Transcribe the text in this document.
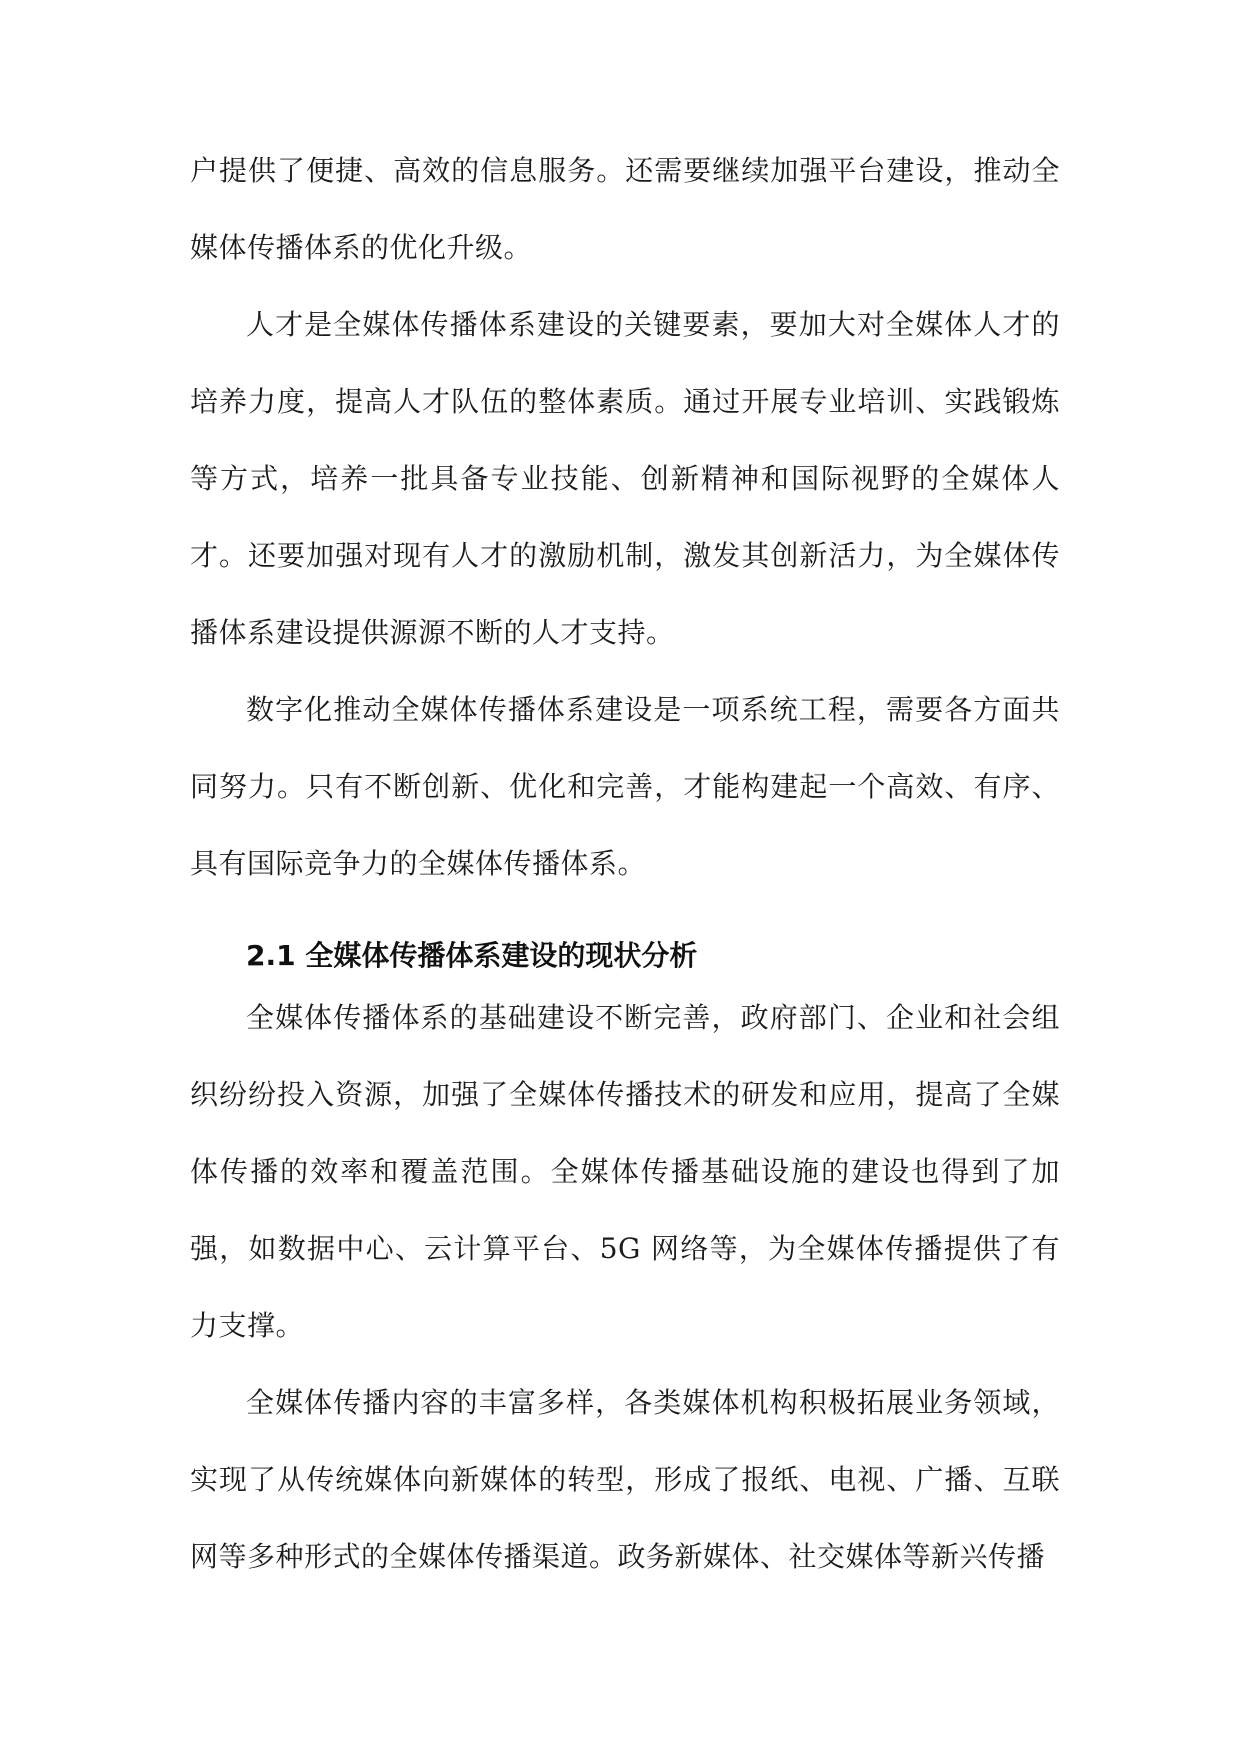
户提供了便捷、高效的信息服务。还需要继续加强平台建设，推动全媒体传播体系的优化升级。

人才是全媒体传播体系建设的关键要素，要加大对全媒体人才的培养力度，提高人才队伍的整体素质。通过开展专业培训、实践锻炼等方式，培养一批具备专业技能、创新精神和国际视野的全媒体人才。还要加强对现有人才的激励机制，激发其创新活力，为全媒体传播体系建设提供源源不断的人才支持。

数字化推动全媒体传播体系建设是一项系统工程，需要各方面共同努力。只有不断创新、优化和完善，才能构建起一个高效、有序、具有国际竞争力的全媒体传播体系。

2.1 全媒体传播体系建设的现状分析

全媒体传播体系的基础建设不断完善，政府部门、企业和社会组织纷纷投入资源，加强了全媒体传播技术的研发和应用，提高了全媒体传播的效率和覆盖范围。全媒体传播基础设施的建设也得到了加强，如数据中心、云计算平台、5G 网络等，为全媒体传播提供了有力支撑。

全媒体传播内容的丰富多样，各类媒体机构积极拓展业务领域，实现了从传统媒体向新媒体的转型，形成了报纸、电视、广播、互联网等多种形式的全媒体传播渠道。政务新媒体、社交媒体等新兴传播
